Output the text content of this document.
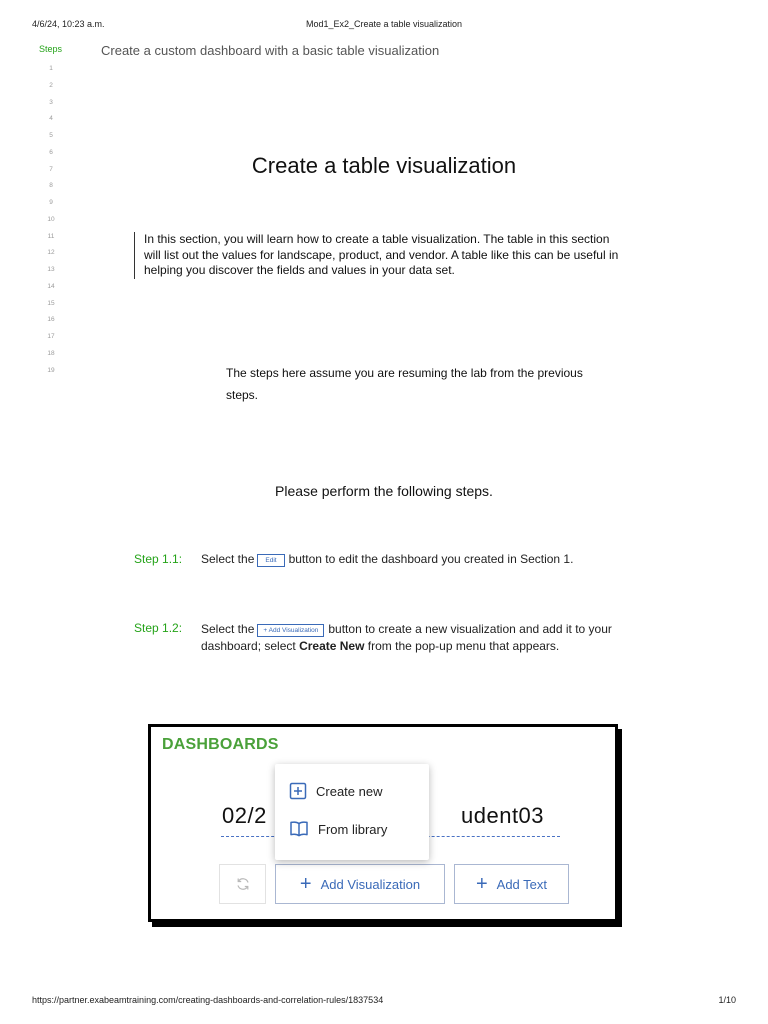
4/6/24, 10:23 a.m.	Mod1_Ex2_Create a table visualization
Steps	Create a custom dashboard with a basic table visualization
1
2
3
4
5
6
7
8
9
10
11
12
13
14
15
16
17
18
19
Create a table visualization
In this section, you will learn how to create a table visualization. The table in this section will list out the values for landscape, product, and vendor. A table like this can be useful in helping you discover the fields and values in your data set.
The steps here assume you are resuming the lab from the previous steps.
Please perform the following steps.
Step 1.1: Select the Edit button to edit the dashboard you created in Section 1.
Step 1.2: Select the + Add Visualization button to create a new visualization and add it to your dashboard; select Create New from the pop-up menu that appears.
DASHBOARDS
02/2	udent03
+ Add Visualization	+ Add Text
Create new
From library
https://partner.exabeamtraining.com/creating-dashboards-and-correlation-rules/1837534	1/10
